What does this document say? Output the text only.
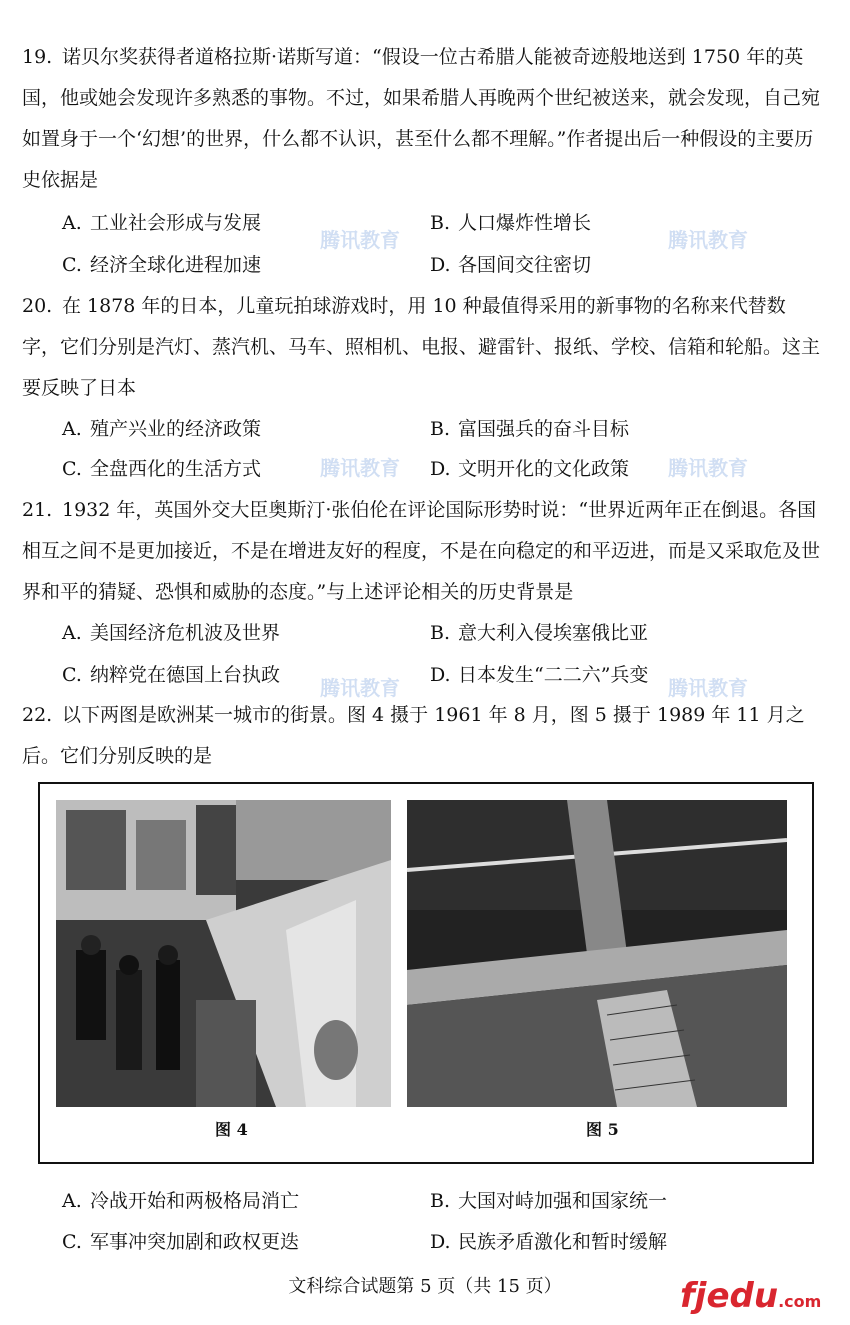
腾讯教育	腾讯教育
腾讯教育	腾讯教育
腾讯教育	腾讯教育
19. 诺贝尔奖获得者道格拉斯·诺斯写道：“假设一位古希腊人能被奇迹般地送到 1750 年的英国，他或她会发现许多熟悉的事物。不过，如果希腊人再晚两个世纪被送来，就会发现，自己宛如置身于一个‘幻想’的世界，什么都不认识，甚至什么都不理解。”作者提出后一种假设的主要历史依据是
A. 工业社会形成与发展	B. 人口爆炸性增长
C. 经济全球化进程加速	D. 各国间交往密切
20. 在 1878 年的日本，儿童玩拍球游戏时，用 10 种最值得采用的新事物的名称来代替数字，它们分别是汽灯、蒸汽机、马车、照相机、电报、避雷针、报纸、学校、信箱和轮船。这主要反映了日本
A. 殖产兴业的经济政策	B. 富国强兵的奋斗目标
C. 全盘西化的生活方式	D. 文明开化的文化政策
21. 1932 年，英国外交大臣奥斯汀·张伯伦在评论国际形势时说：“世界近两年正在倒退。各国相互之间不是更加接近，不是在增进友好的程度，不是在向稳定的和平迈进，而是又采取危及世界和平的猜疑、恐惧和威胁的态度。”与上述评论相关的历史背景是
A. 美国经济危机波及世界	B. 意大利入侵埃塞俄比亚
C. 纳粹党在德国上台执政	D. 日本发生“二二六”兵变
22. 以下两图是欧洲某一城市的街景。图 4 摄于 1961 年 8 月，图 5 摄于 1989 年 11 月之后。它们分别反映的是
图 4	图 5
A. 冷战开始和两极格局消亡	B. 大国对峙加强和国家统一
C. 军事冲突加剧和政权更迭	D. 民族矛盾激化和暂时缓解
文科综合试题第 5 页（共 15 页）	fjedu.com
